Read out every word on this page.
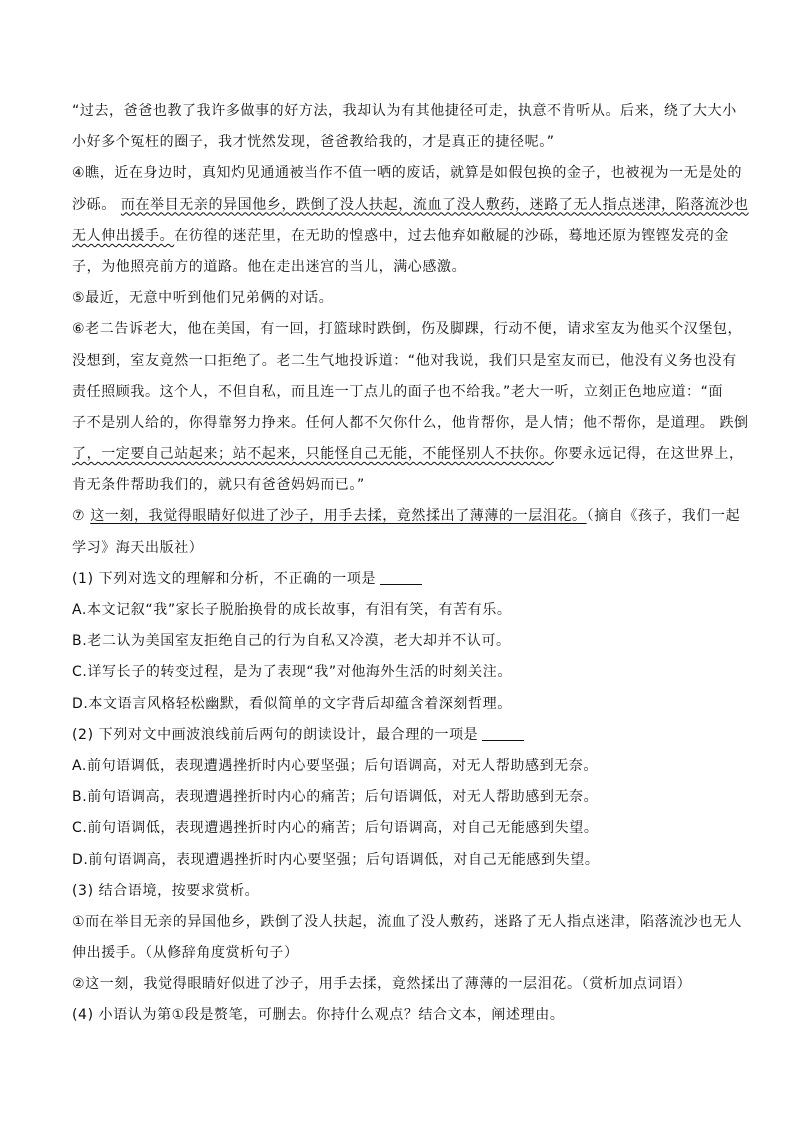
“过去，爸爸也教了我许多做事的好方法，我却认为有其他捷径可走，执意不肯听从。后来，绕了大大小
小好多个冤枉的圈子，我才恍然发现，爸爸教给我的，才是真正的捷径呢。”
④瞧，近在身边时，真知灼见通通被当作不值一哂的废话，就算是如假包换的金子，也被视为一无是处的
沙砾。 而在举目无亲的异国他乡，跌倒了没人扶起，流血了没人敷药，迷路了无人指点迷津，陷落流沙也
无人伸出援手。在彷徨的迷茫里，在无助的惶惑中，过去他弃如敝屣的沙砾，蓦地还原为铿铿发亮的金
子，为他照亮前方的道路。他在走出迷宫的当儿，满心感激。
⑤最近，无意中听到他们兄弟俩的对话。
⑥老二告诉老大，他在美国，有一回，打篮球时跌倒，伤及脚踝，行动不便，请求室友为他买个汉堡包，
没想到，室友竟然一口拒绝了。老二生气地投诉道：“他对我说，我们只是室友而已，他没有义务也没有
责任照顾我。这个人，不但自私，而且连一丁点儿的面子也不给我。”老大一听，立刻正色地应道：“面
子不是别人给的，你得靠努力挣来。任何人都不欠你什么，他肯帮你，是人情；他不帮你，是道理。 跌倒
了，一定要自己站起来；站不起来，只能怪自己无能，不能怪别人不扶你。你要永远记得，在这世界上，
肯无条件帮助我们的，就只有爸爸妈妈而已。”
⑦ 这一刻，我觉得眼睛好似进了沙子，用手去揉，竟然揉出了薄薄的一层泪花。（摘自《孩子，我们一起
学习》海天出版社）
(1) 下列对选文的理解和分析，不正确的一项是
A.本文记叙“我”家长子脱胎换骨的成长故事，有泪有笑，有苦有乐。
B.老二认为美国室友拒绝自己的行为自私又冷漠，老大却并不认可。
C.详写长子的转变过程，是为了表现“我”对他海外生活的时刻关注。
D.本文语言风格轻松幽默，看似简单的文字背后却蕴含着深刻哲理。
(2) 下列对文中画波浪线前后两句的朗读设计，最合理的一项是
A.前句语调低，表现遭遇挫折时内心要坚强；后句语调高，对无人帮助感到无奈。
B.前句语调高，表现遭遇挫折时内心的痛苦；后句语调低，对无人帮助感到无奈。
C.前句语调低，表现遭遇挫折时内心的痛苦；后句语调高，对自己无能感到失望。
D.前句语调高，表现遭遇挫折时内心要坚强；后句语调低，对自己无能感到失望。
(3) 结合语境，按要求赏析。
①而在举目无亲的异国他乡，跌倒了没人扶起，流血了没人敷药，迷路了无人指点迷津，陷落流沙也无人
伸出援手。（从修辞角度赏析句子）
②这一刻，我觉得眼睛好似进了沙子，用手去揉，竟然揉出了薄薄的一层泪花。（赏析加点词语）
(4) 小语认为第①段是赘笔，可删去。你持什么观点？结合文本，阐述理由。
